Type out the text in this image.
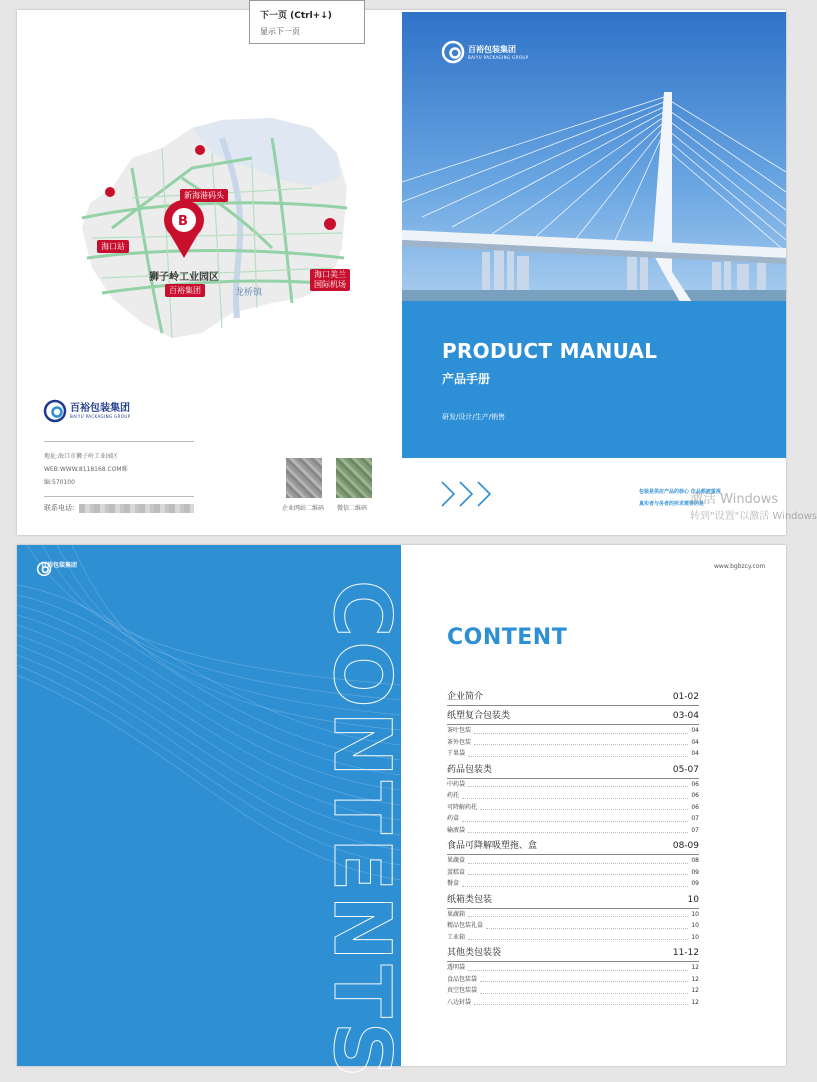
B
新海港码头
海口站
海口美兰
国际机场
狮子岭工业园区
百裕集团	龙桥镇
百裕包装集团
BAIYU PACKAGING GROUP
地址:海口市狮子岭工业园区
WEB:WWW.8118168.COM郵
编:570100
联系电话:	企业网站二维码 微信二维码
百裕包装集团
BAIYU PACKAGING GROUP
PRODUCT MANUAL
产品手册
研发/设计/生产/销售
包装是供应产品的核心 作品都被重视
真实者与务者的所求需要的是
百裕包装集团
CONTENTS
www.bgbzcy.com
CONTENT
企业简介	01-02
纸塑复合包装类	03-04
茶叶包装	04
茶外包装	04
干果袋	04
药品包装类	05-07
中药袋	06
药托	06
可降解药托	06
药盒	07
输液袋	07
食品可降解吸塑拖、盒	08-09
果蔬盒	08
蛋糕盒	09
餐盒	09
纸箱类包装	10
果蔬箱	10
精品包装礼盒	10
工业箱	10
其他类包装袋	11-12
透明袋	12
食品包装袋	12
真空包装袋	12
八边封袋	12
下一页 (Ctrl+↓)
显示下一页
激活 Windows
转到"设置"以激活 Windows
